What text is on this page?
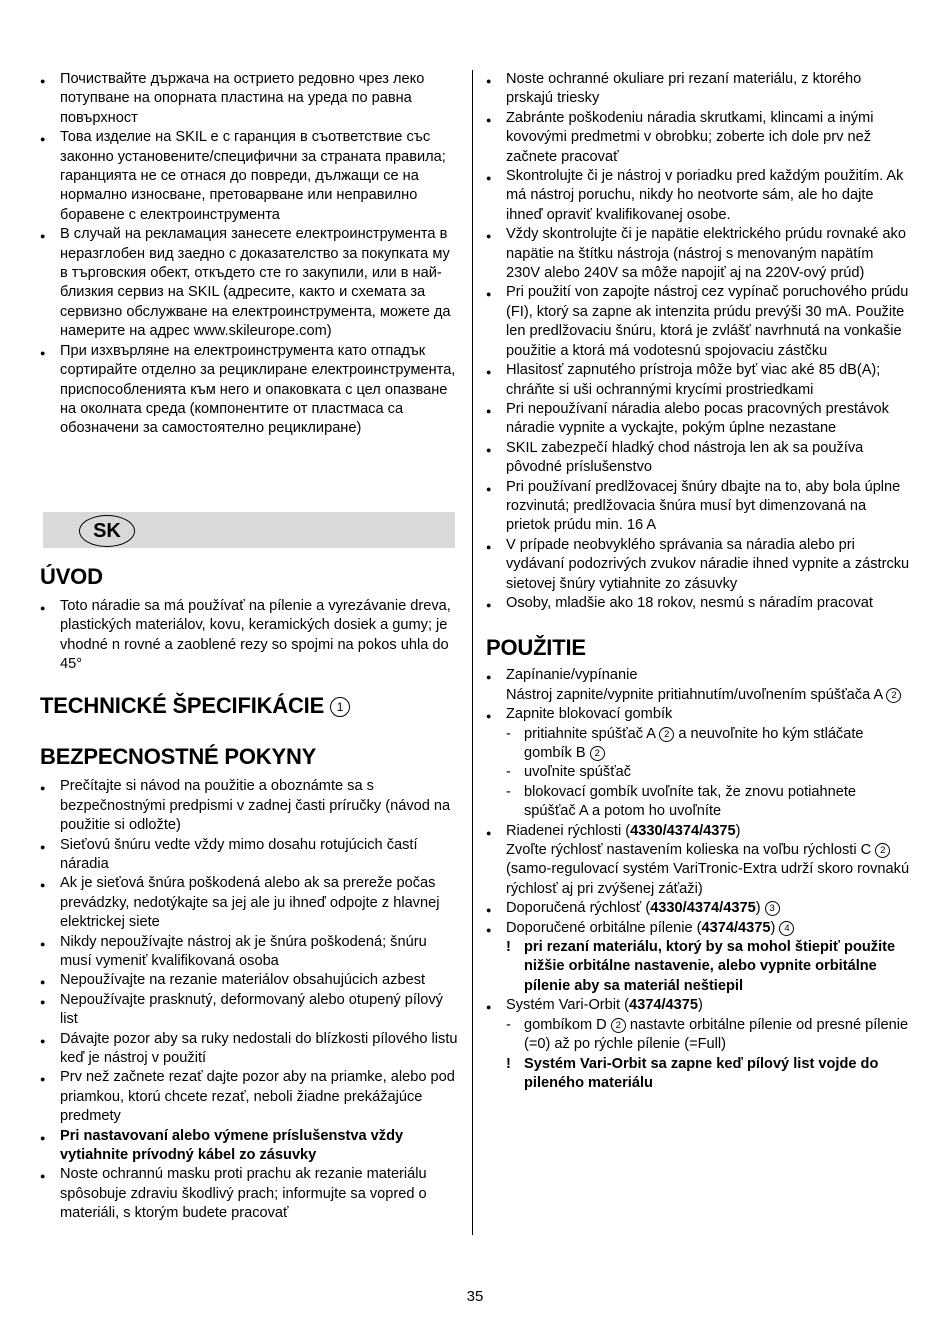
● Почиствайте държача на острието редовно чрез леко потупване на опорната пластина на уреда по равна повърхност
● Това изделие на SKIL е с гаранция в съответствие със законно установените/специфични за страната правила; гаранцията не се отнася до повреди, дължащи се на нормално износване, претоварване или неправилно боравене с електроинструмента
● В случай на рекламация занесете електроинструмента в неразглобен вид заедно с доказателство за покупката му в търговския обект, откъдето сте го закупили, или в най-близкия сервиз на SKIL (адресите, както и схемата за сервизно обслужване на електроинструмента, можете да намерите на адрес www.skileurope.com)
● При изхвърляне на електроинструмента като отпадък сортирайте отделно за рециклиране електроинструмента, приспособленията към него и опаковката с цел опазване на околната среда (компонентите от пластмаса са обозначени за самостоятелно рециклиране)
ÚVOD
● Toto náradie sa má používať na pílenie a vyrezávanie dreva, plastických materiálov, kovu, keramických dosiek a gumy; je vhodné n rovné a zaoblené rezy so spojmi na pokos uhla do 45°
TECHNICKÉ ŠPECIFIKÁCIE 1
BEZPECNOSTNÉ POKYNY
● Prečítajte si návod na použitie a oboznámte sa s bezpečnostnými predpismi v zadnej časti príručky (návod na použitie si odložte)
● Sieťovú šnúru vedte vždy mimo dosahu rotujúcich častí náradia
● Ak je sieťová šnúra poškodená alebo ak sa prereže počas prevádzky, nedotýkajte sa jej ale ju ihneď odpojte z hlavnej elektrickej siete
● Nikdy nepoužívajte nástroj ak je šnúra poškodená; šnúru musí vymeniť kvalifikovaná osoba
● Nepoužívajte na rezanie materiálov obsahujúcich azbest
● Nepoužívajte prasknutý, deformovaný alebo otupený pílový list
● Dávajte pozor aby sa ruky nedostali do blízkosti pílového listu keď je nástroj v použití
● Prv než začnete rezať dajte pozor aby na priamke, alebo pod priamkou, ktorú chcete rezať, neboli žiadne prekážajúce predmety
● Pri nastavovaní alebo výmene príslušenstva vždy vytiahnite prívodný kábel zo zásuvky
● Noste ochrannú masku proti prachu ak rezanie materiálu spôsobuje zdraviu škodlivý prach; informujte sa vopred o materiáli, s ktorým budete pracovať
SK
● Noste ochranné okuliare pri rezaní materiálu, z ktorého prskajú triesky
● Zabránte poškodeniu náradia skrutkami, klincami a inými kovovými predmetmi v obrobku; zoberte ich dole prv než začnete pracovať
● Skontrolujte či je nástroj v poriadku pred každým použitím. Ak má nástroj poruchu, nikdy ho neotvorte sám, ale ho dajte ihneď opraviť kvalifikovanej osobe.
● Vždy skontrolujte či je napätie elektrického prúdu rovnaké ako napätie na štítku nástroja (nástroj s menovaným napätím 230V alebo 240V sa môže napojiť aj na 220V-ový prúd)
● Pri použití von zapojte nástroj cez vypínač poruchového prúdu (FI), ktorý sa zapne ak intenzita prúdu prevýši 30 mA. Použite len predlžovaciu šnúru, ktorá je zvlášť navrhnutá na vonkašie použitie a ktorá má vodotesnú spojovaciu zástčku
● Hlasitosť zapnutého prístroja môže byť viac aké 85 dB(A); chráňte si uši ochrannými krycími prostriedkami
● Pri nepoužívaní náradia alebo pocas pracovných prestávok náradie vypnite a vyckajte, pokým úplne nezastane
● SKIL zabezpečí hladký chod nástroja len ak sa používa pôvodné príslušenstvo
● Pri používaní predlžovacej šnúry dbajte na to, aby bola úplne rozvinutá; predlžovacia šnúra musí byt dimenzovaná na prietok prúdu min. 16 A
● V prípade neobvyklého správania sa náradia alebo pri vydávaní podozrivých zvukov náradie ihned vypnite a zástrcku sietovej šnúry vytiahnite zo zásuvky
● Osoby, mladšie ako 18 rokov, nesmú s náradím pracovat
POUŽITIE
● Zapínanie/vypínanie
Nástroj zapnite/vypnite pritiahnutím/uvoľnením spúšťača A 2
● Zapnite blokovací gombík
- pritiahnite spúšťač A 2 a neuvoľnite ho kým stláčate gombík B 2
- uvoľnite spúšťač
- blokovací gombík uvoľníte tak, že znovu potiahnete spúšťač A a potom ho uvoľníte
● Riadenei rýchlosti (4330/4374/4375)
Zvoľte rýchlosť nastavením kolieska na voľbu rýchlosti C 2 (samo-regulovací systém VariTronic-Extra udrží skoro rovnakú rýchlosť aj pri zvýšenej záťaži)
● Doporučená rýchlosť (4330/4374/4375) 3
● Doporučené orbitálne pílenie (4374/4375) 4
! pri rezaní materiálu, ktorý by sa mohol štiepiť použite nižšie orbitálne nastavenie, alebo vypnite orbitálne pílenie aby sa materiál neštiepil
● Systém Vari-Orbit (4374/4375)
- gombíkom D 2 nastavte orbitálne pílenie od presné pílenie (=0) až po rýchle pílenie (=Full)
! Systém Vari-Orbit sa zapne keď pílový list vojde do pileného materiálu
35
